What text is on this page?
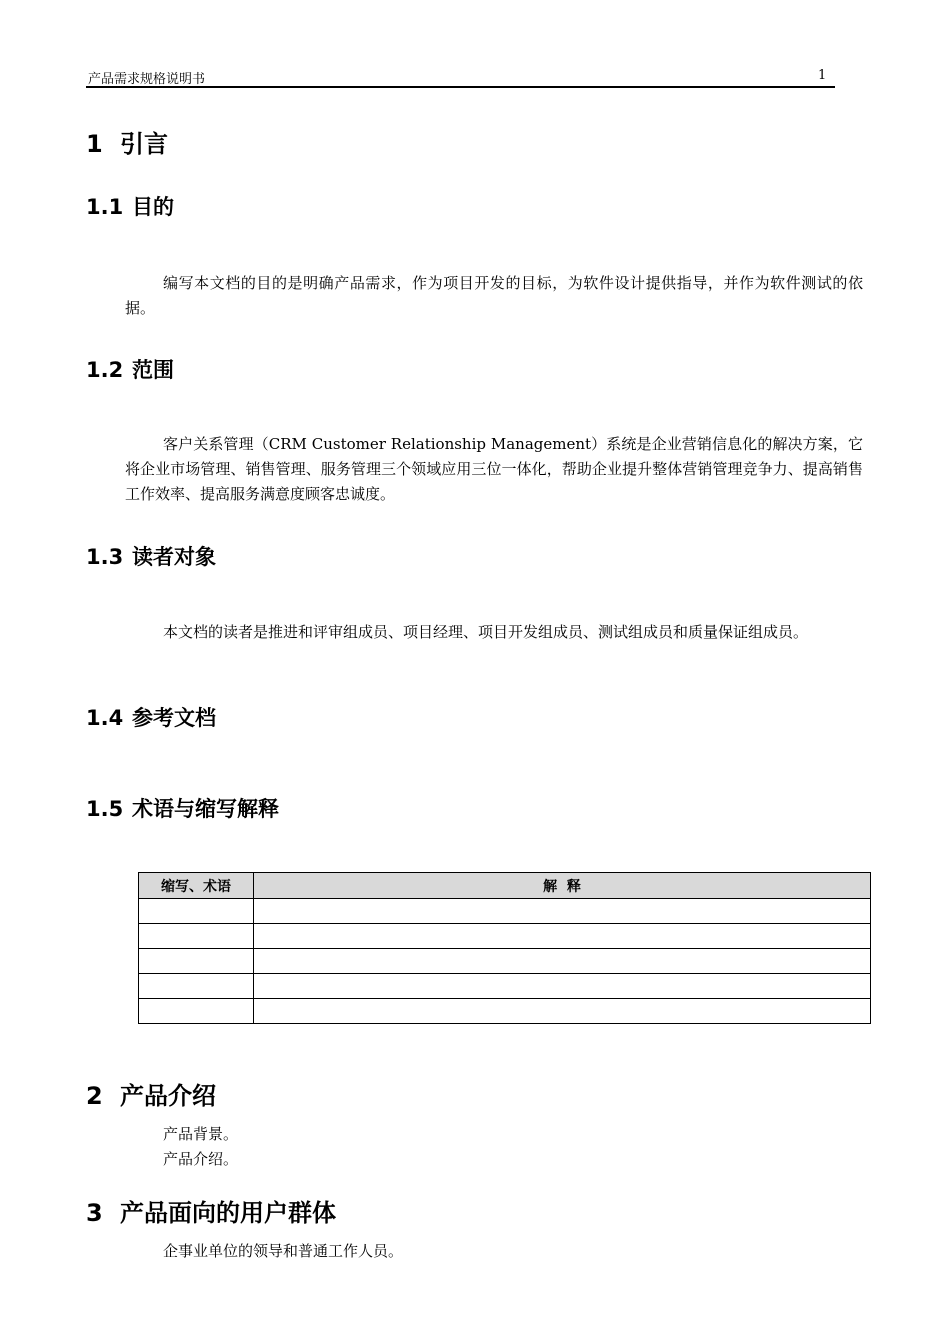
产品需求规格说明书	1
1 引言
1.1 目的
编写本文档的目的是明确产品需求，作为项目开发的目标，为软件设计提供指导，并作为软件测试的依据。
1.2 范围
客户关系管理（CRM Customer Relationship Management）系统是企业营销信息化的解决方案，它将企业市场管理、销售管理、服务管理三个领域应用三位一体化，帮助企业提升整体营销管理竞争力、提高销售工作效率、提高服务满意度顾客忠诚度。
1.3 读者对象
本文档的读者是推进和评审组成员、项目经理、项目开发组成员、测试组成员和质量保证组成员。
1.4 参考文档
1.5 术语与缩写解释
缩写、术语	解  释

2 产品介绍
产品背景。
产品介绍。
3 产品面向的用户群体
企事业单位的领导和普通工作人员。
